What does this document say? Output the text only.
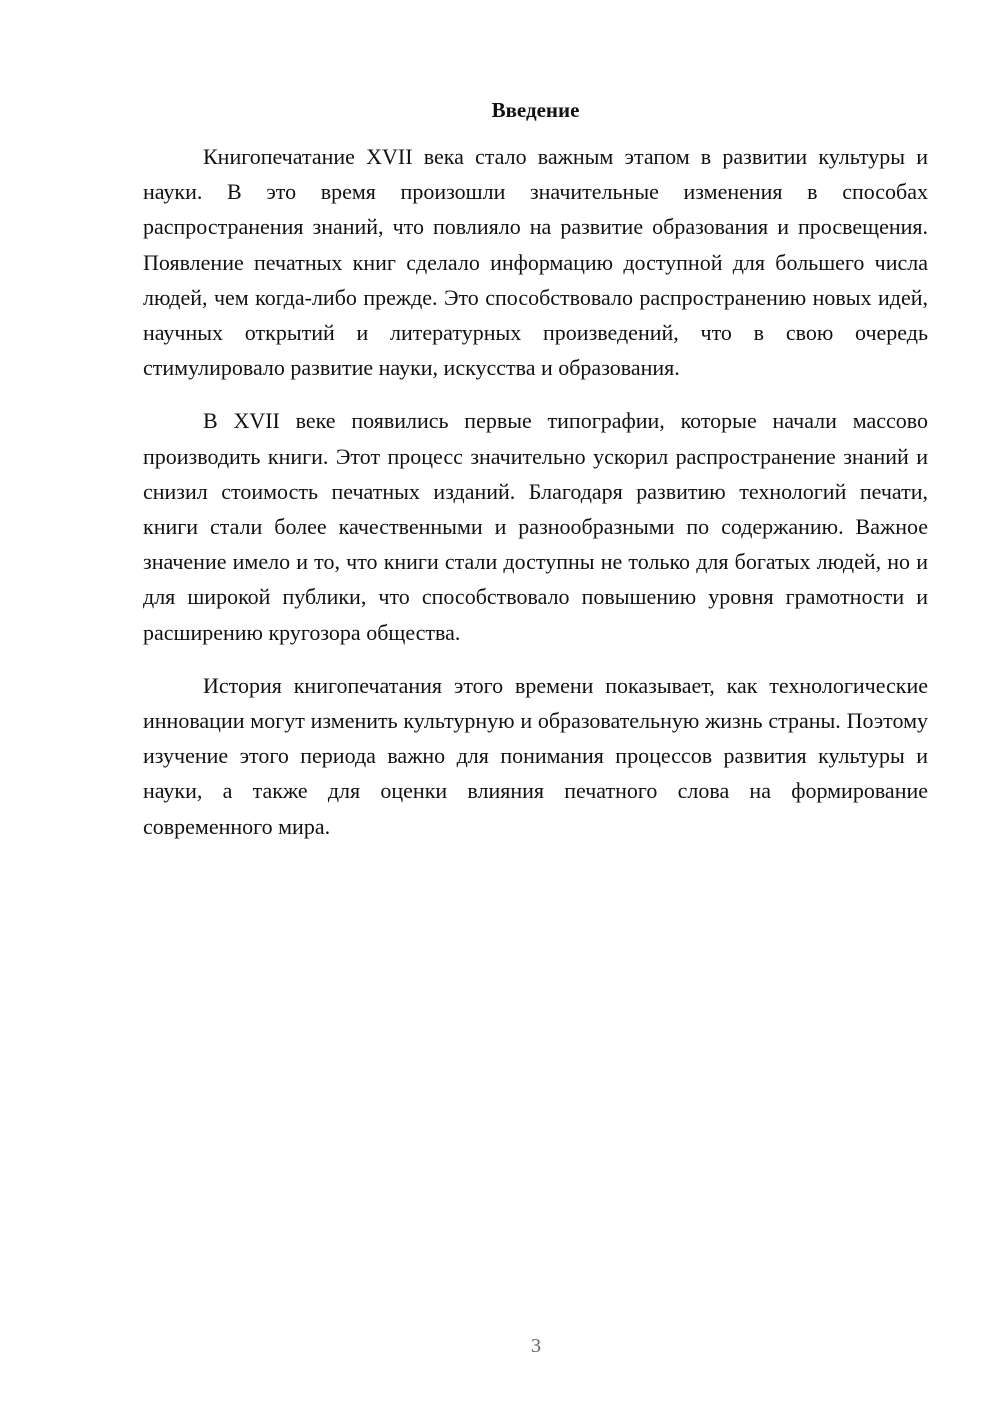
Введение

Книгопечатание XVII века стало важным этапом в развитии культуры и науки. В это время произошли значительные изменения в способах распространения знаний, что повлияло на развитие образования и просвещения. Появление печатных книг сделало информацию доступной для большего числа людей, чем когда-либо прежде. Это способствовало распространению новых идей, научных открытий и литературных произведений, что в свою очередь стимулировало развитие науки, искусства и образования.

В XVII веке появились первые типографии, которые начали массово производить книги. Этот процесс значительно ускорил распространение знаний и снизил стоимость печатных изданий. Благодаря развитию технологий печати, книги стали более качественными и разнообразными по содержанию. Важное значение имело и то, что книги стали доступны не только для богатых людей, но и для широкой публики, что способствовало повышению уровня грамотности и расширению кругозора общества.

История книгопечатания этого времени показывает, как технологические инновации могут изменить культурную и образовательную жизнь страны. Поэтому изучение этого периода важно для понимания процессов развития культуры и науки, а также для оценки влияния печатного слова на формирование современного мира.

3
